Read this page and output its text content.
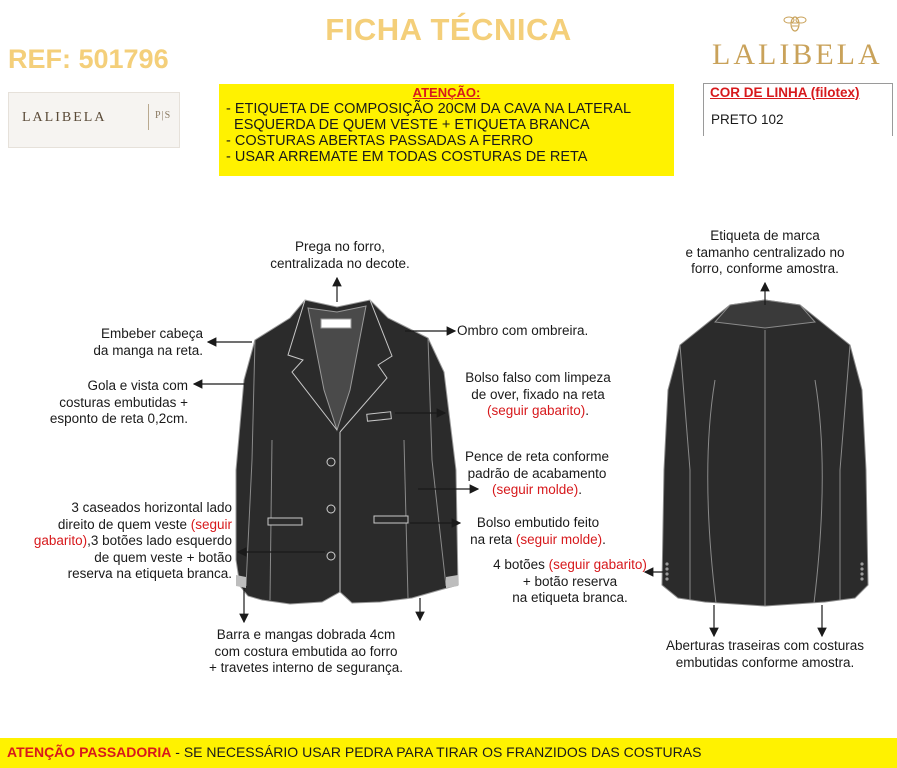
FICHA TÉCNICA
REF: 501796	LALIBELA
LALIBELA	P|S
ATENÇÃO:
- ETIQUETA DE COMPOSIÇÃO 20CM DA CAVA NA LATERAL
ESQUERDA DE QUEM VESTE + ETIQUETA BRANCA
- COSTURAS ABERTAS PASSADAS A FERRO
- USAR ARREMATE EM TODAS COSTURAS DE RETA
COR DE LINHA (filotex)
PRETO 102
Prega no forro,
centralizada no decote.
Embeber cabeça
da manga na reta.
Gola e vista com
costuras embutidas +
esponto de reta 0,2cm.
3 caseados horizontal lado
direito de quem veste (seguir
gabarito),3 botões lado esquerdo
de quem veste + botão
reserva na etiqueta branca.
Barra e mangas dobrada 4cm
com costura embutida ao forro
+ travetes interno de segurança.
Ombro com ombreira.
Bolso falso com limpeza
de over, fixado na reta
(seguir gabarito).
Pence de reta conforme
padrão de acabamento
(seguir molde).
Bolso embutido feito
na reta (seguir molde).
4 botões (seguir gabarito)
+ botão reserva
na etiqueta branca.
Etiqueta de marca
e tamanho centralizado no
forro, conforme amostra.
Aberturas traseiras com costuras
embutidas conforme amostra.
ATENÇÃO PASSADORIA - SE NECESSÁRIO USAR PEDRA PARA TIRAR OS FRANZIDOS DAS COSTURAS
